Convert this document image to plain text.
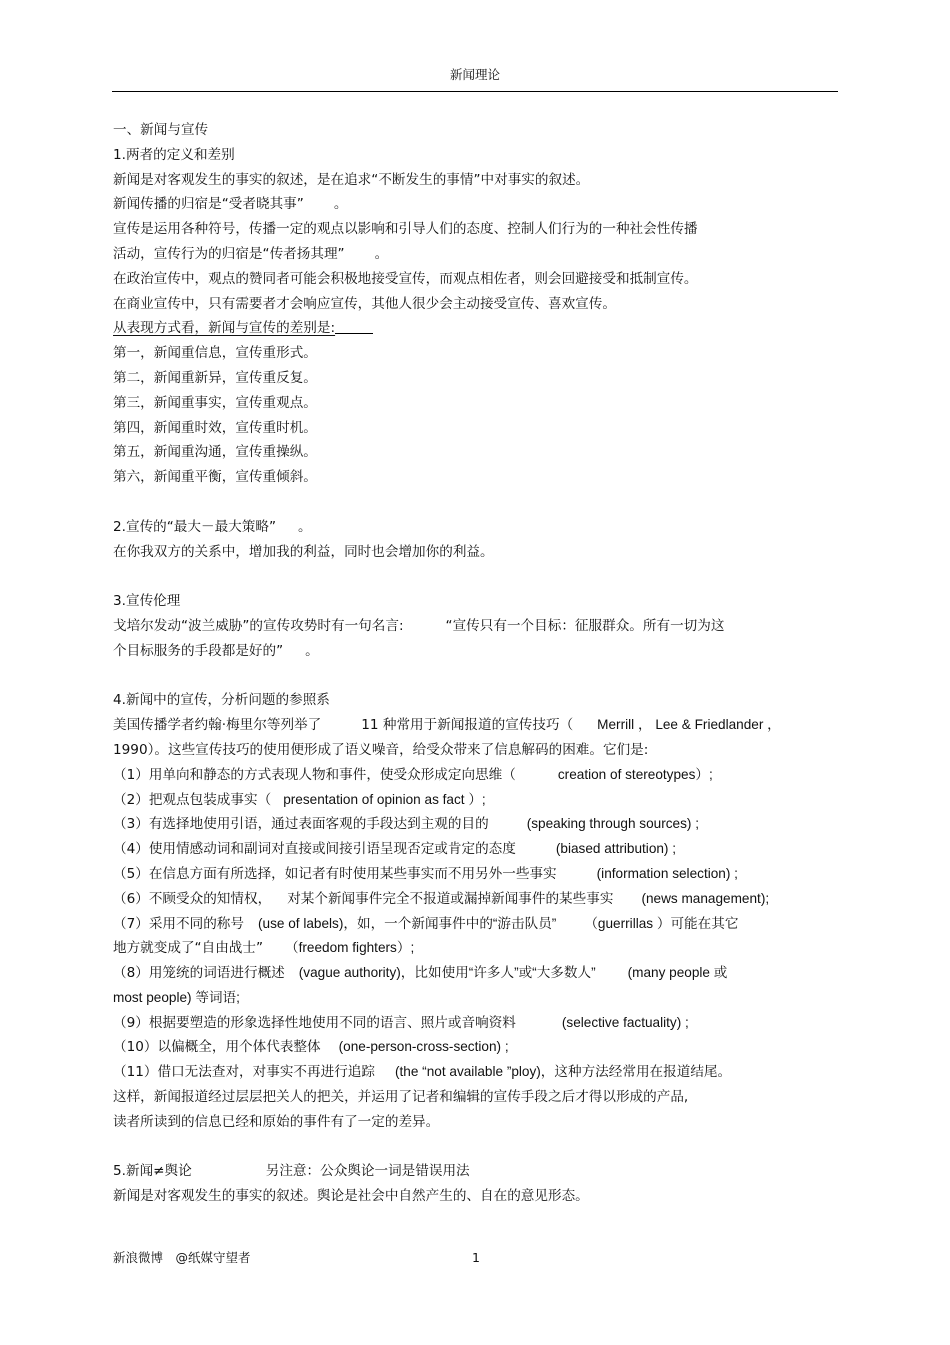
新闻理论
一、新闻与宣传
1.两者的定义和差别
新闻是对客观发生的事实的叙述，是在追求“不断发生的事情”中对事实的叙述。
新闻传播的归宿是“受者晓其事” 。
宣传是运用各种符号，传播一定的观点以影响和引导人们的态度、控制人们行为的一种社会性传播
活动，宣传行为的归宿是“传者扬其理” 。
在政治宣传中，观点的赞同者可能会积极地接受宣传，而观点相佐者，则会回避接受和抵制宣传。
在商业宣传中，只有需要者才会响应宣传，其他人很少会主动接受宣传、喜欢宣传。
从表现方式看，新闻与宣传的差别是:
第一，新闻重信息，宣传重形式。
第二，新闻重新异，宣传重反复。
第三，新闻重事实，宣传重观点。
第四，新闻重时效，宣传重时机。
第五，新闻重沟通，宣传重操纵。
第六，新闻重平衡，宣传重倾斜。
2.宣传的“最大－最大策略” 。
在你我双方的关系中，增加我的利益，同时也会增加你的利益。
3.宣传伦理
戈培尔发动“波兰威胁”的宣传攻势时有一句名言:	“宣传只有一个目标：征服群众。所有一切为这
个目标服务的手段都是好的” 。
4.新闻中的宣传，分析问题的参照系
美国传播学者约翰·梅里尔等列举了	11 种常用于新闻报道的宣传技巧（ Merrill ， Lee & Friedlander ，
1990）。这些宣传技巧的使用便形成了语义噪音，给受众带来了信息解码的困难。它们是:
（1）用单向和静态的方式表现人物和事件，使受众形成定向思维（	creation of stereotypes）;
（2）把观点包装成事实（ presentation of opinion as fact ）;
（3）有选择地使用引语，通过表面客观的手段达到主观的目的	(speaking through sources) ;
（4）使用情感动词和副词对直接或间接引语呈现否定或肯定的态度	(biased attribution) ;
（5）在信息方面有所选择，如记者有时使用某些事实而不用另外一些事实	(information selection) ;
（6）不顾受众的知情权， 对某个新闻事件完全不报道或漏掉新闻事件的某些事实 (news management);
（7）采用不同的称号 (use of labels)，如，一个新闻事件中的“游击队员” （guerrillas ）可能在其它
地方就变成了“自由战士” （freedom fighters）;
（8）用笼统的词语进行概述 (vague authority)，比如使用“许多人”或“大多数人” (many people 或
most people) 等词语;
（9）根据要塑造的形象选择性地使用不同的语言、照片或音响资料	(selective factuality) ;
（10）以偏概全，用个体代表整体 (one-person-cross-section) ;
（11）借口无法查对，对事实不再进行追踪 (the “not available ”ploy)，这种方法经常用在报道结尾。
这样，新闻报道经过层层把关人的把关，并运用了记者和编辑的宣传手段之后才得以形成的产品,
读者所读到的信息已经和原始的事件有了一定的差异。
5.新闻≠舆论	另注意：公众舆论一词是错误用法
新闻是对客观发生的事实的叙述。舆论是社会中自然产生的、自在的意见形态。
新浪微博　@纸媒守望者	1
